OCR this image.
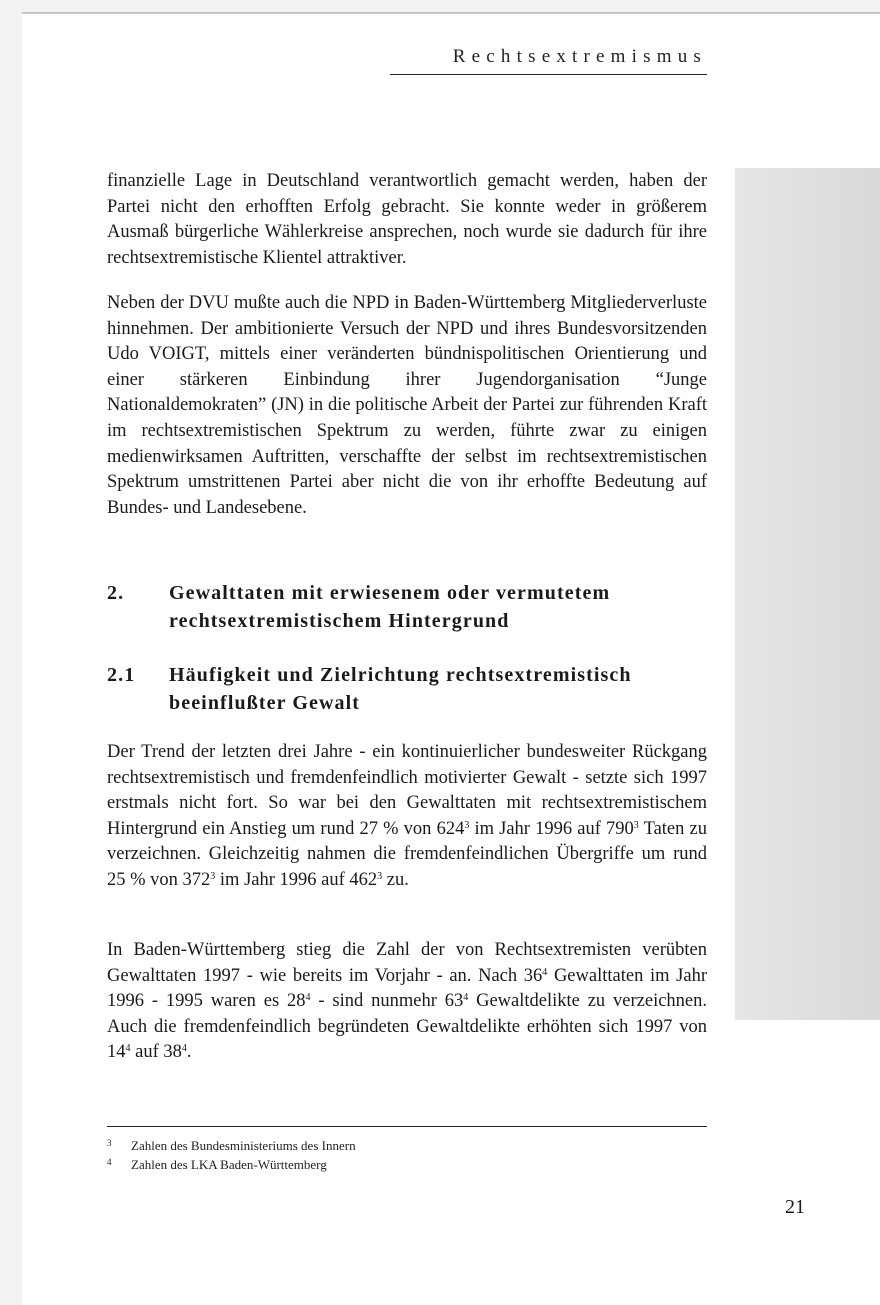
Rechtsextremismus
finanzielle Lage in Deutschland verantwortlich gemacht werden, haben der Partei nicht den erhofften Erfolg gebracht. Sie konnte weder in größerem Ausmaß bürgerliche Wählerkreise ansprechen, noch wurde sie dadurch für ihre rechtsextremistische Klientel attraktiver.
Neben der DVU mußte auch die NPD in Baden-Württemberg Mitgliederverluste hinnehmen. Der ambitionierte Versuch der NPD und ihres Bundesvorsitzenden Udo VOIGT, mittels einer veränderten bündnispolitischen Orientierung und einer stärkeren Einbindung ihrer Jugendorganisation “Junge Nationaldemokraten” (JN) in die politische Arbeit der Partei zur führenden Kraft im rechtsextremistischen Spektrum zu werden, führte zwar zu einigen medienwirksamen Auftritten, verschaffte der selbst im rechtsextremistischen Spektrum umstrittenen Partei aber nicht die von ihr erhoffte Bedeutung auf Bundes- und Landesebene.
2. Gewalttaten mit erwiesenem oder vermutetem rechtsextremistischem Hintergrund
2.1 Häufigkeit und Zielrichtung rechtsextremistisch beeinflußter Gewalt
Der Trend der letzten drei Jahre - ein kontinuierlicher bundesweiter Rückgang rechtsextremistisch und fremdenfeindlich motivierter Gewalt - setzte sich 1997 erstmals nicht fort. So war bei den Gewalttaten mit rechtsextremistischem Hintergrund ein Anstieg um rund 27 % von $624^3$ im Jahr 1996 auf $790^3$ Taten zu verzeichnen. Gleichzeitig nahmen die fremdenfeindlichen Übergriffe um rund 25 % von $372^3$ im Jahr 1996 auf $462^3$ zu.
In Baden-Württemberg stieg die Zahl der von Rechtsextremisten verübten Gewalttaten 1997 - wie bereits im Vorjahr - an. Nach $36^4$ Gewalttaten im Jahr 1996 - 1995 waren es $28^4$ - sind nunmehr $63^4$ Gewaltdelikte zu verzeichnen. Auch die fremdenfeindlich begründeten Gewaltdelikte erhöhten sich 1997 von $14^4$ auf $38^4$.
3 Zahlen des Bundesministeriums des Innern
4 Zahlen des LKA Baden-Württemberg
21
